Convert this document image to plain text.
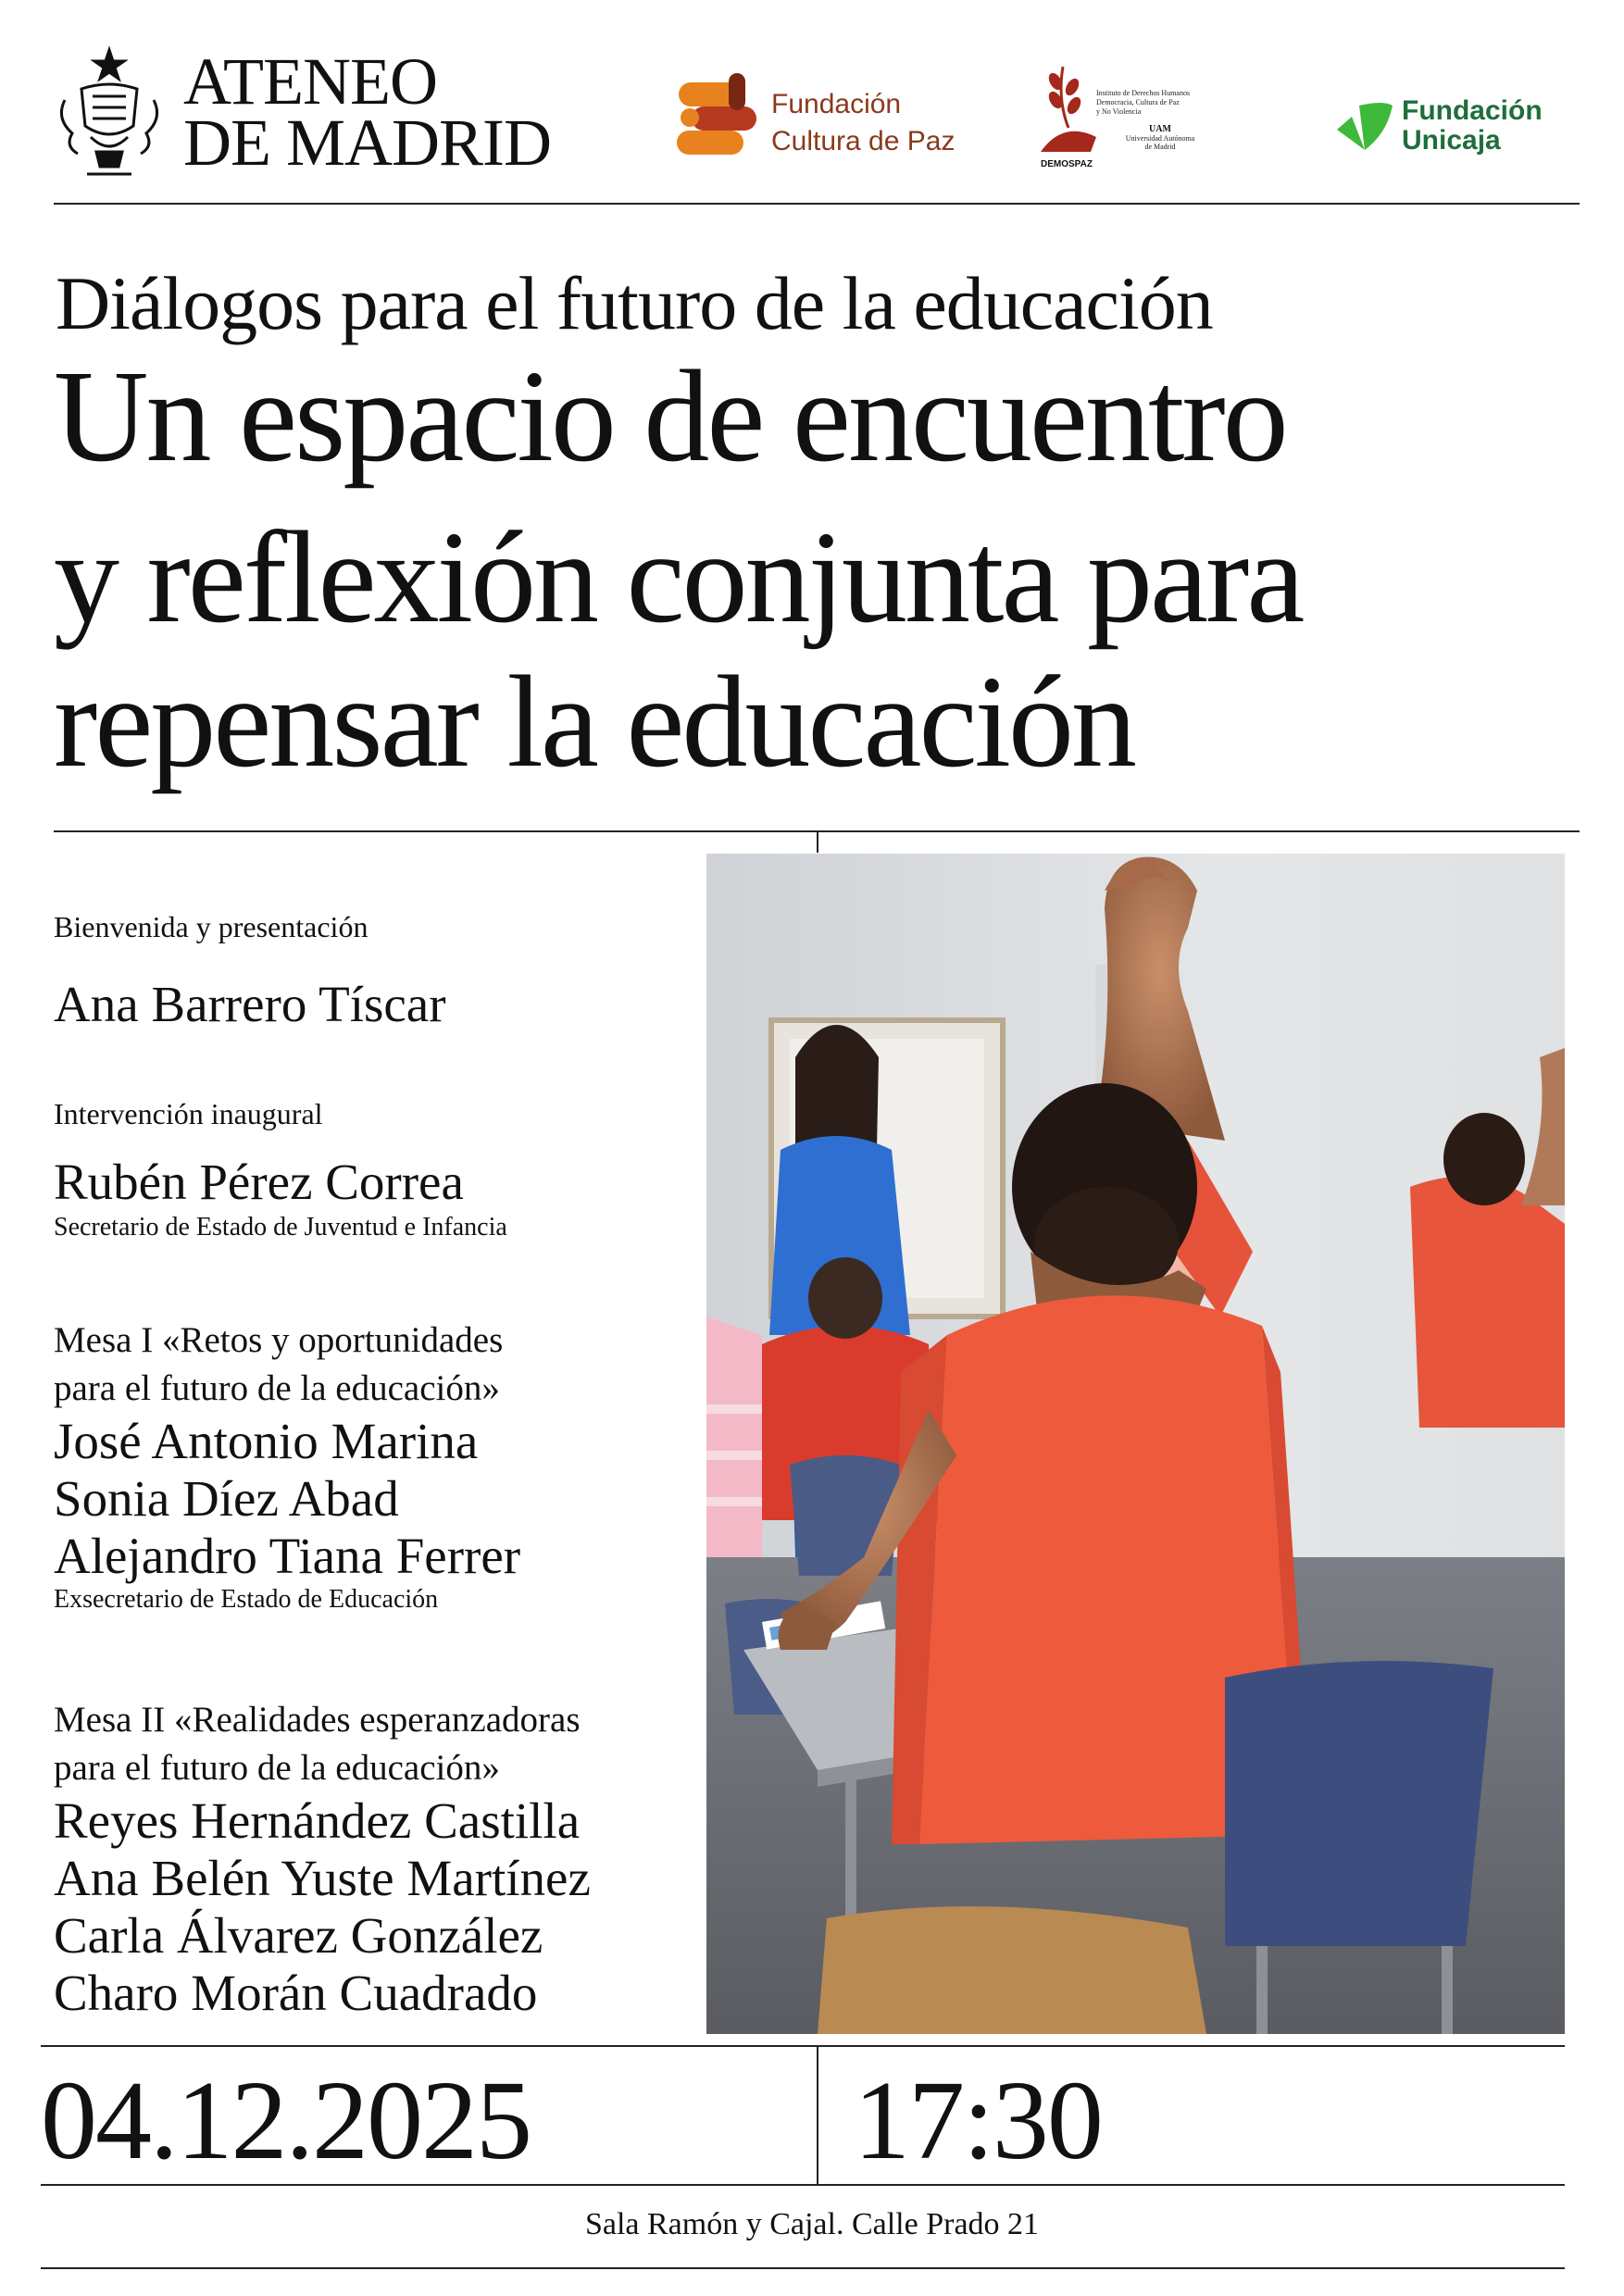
ATENEO
DE MADRID
Fundación
Cultura de Paz
Instituto de Derechos Humanos
Democracia, Cultura de Paz
y No Violencia
DEMOSPAZ
UAM
Universidad Autónoma
de Madrid
Fundación
Unicaja
Diálogos para el futuro de la educación
Un espacio de encuentro
y reflexión conjunta para
repensar la educación
Bienvenida y presentación
Ana Barrero Tíscar
Intervención inaugural
Rubén Pérez Correa
Secretario de Estado de Juventud e Infancia
Mesa I «Retos y oportunidades
para el futuro de la educación»
José Antonio Marina
Sonia Díez Abad
Alejandro Tiana Ferrer
Exsecretario de Estado de Educación
Mesa II «Realidades esperanzadoras
para el futuro de la educación»
Reyes Hernández Castilla
Ana Belén Yuste Martínez
Carla Álvarez González
Charo Morán Cuadrado
04.12.2025	17:30
Sala Ramón y Cajal. Calle Prado 21
